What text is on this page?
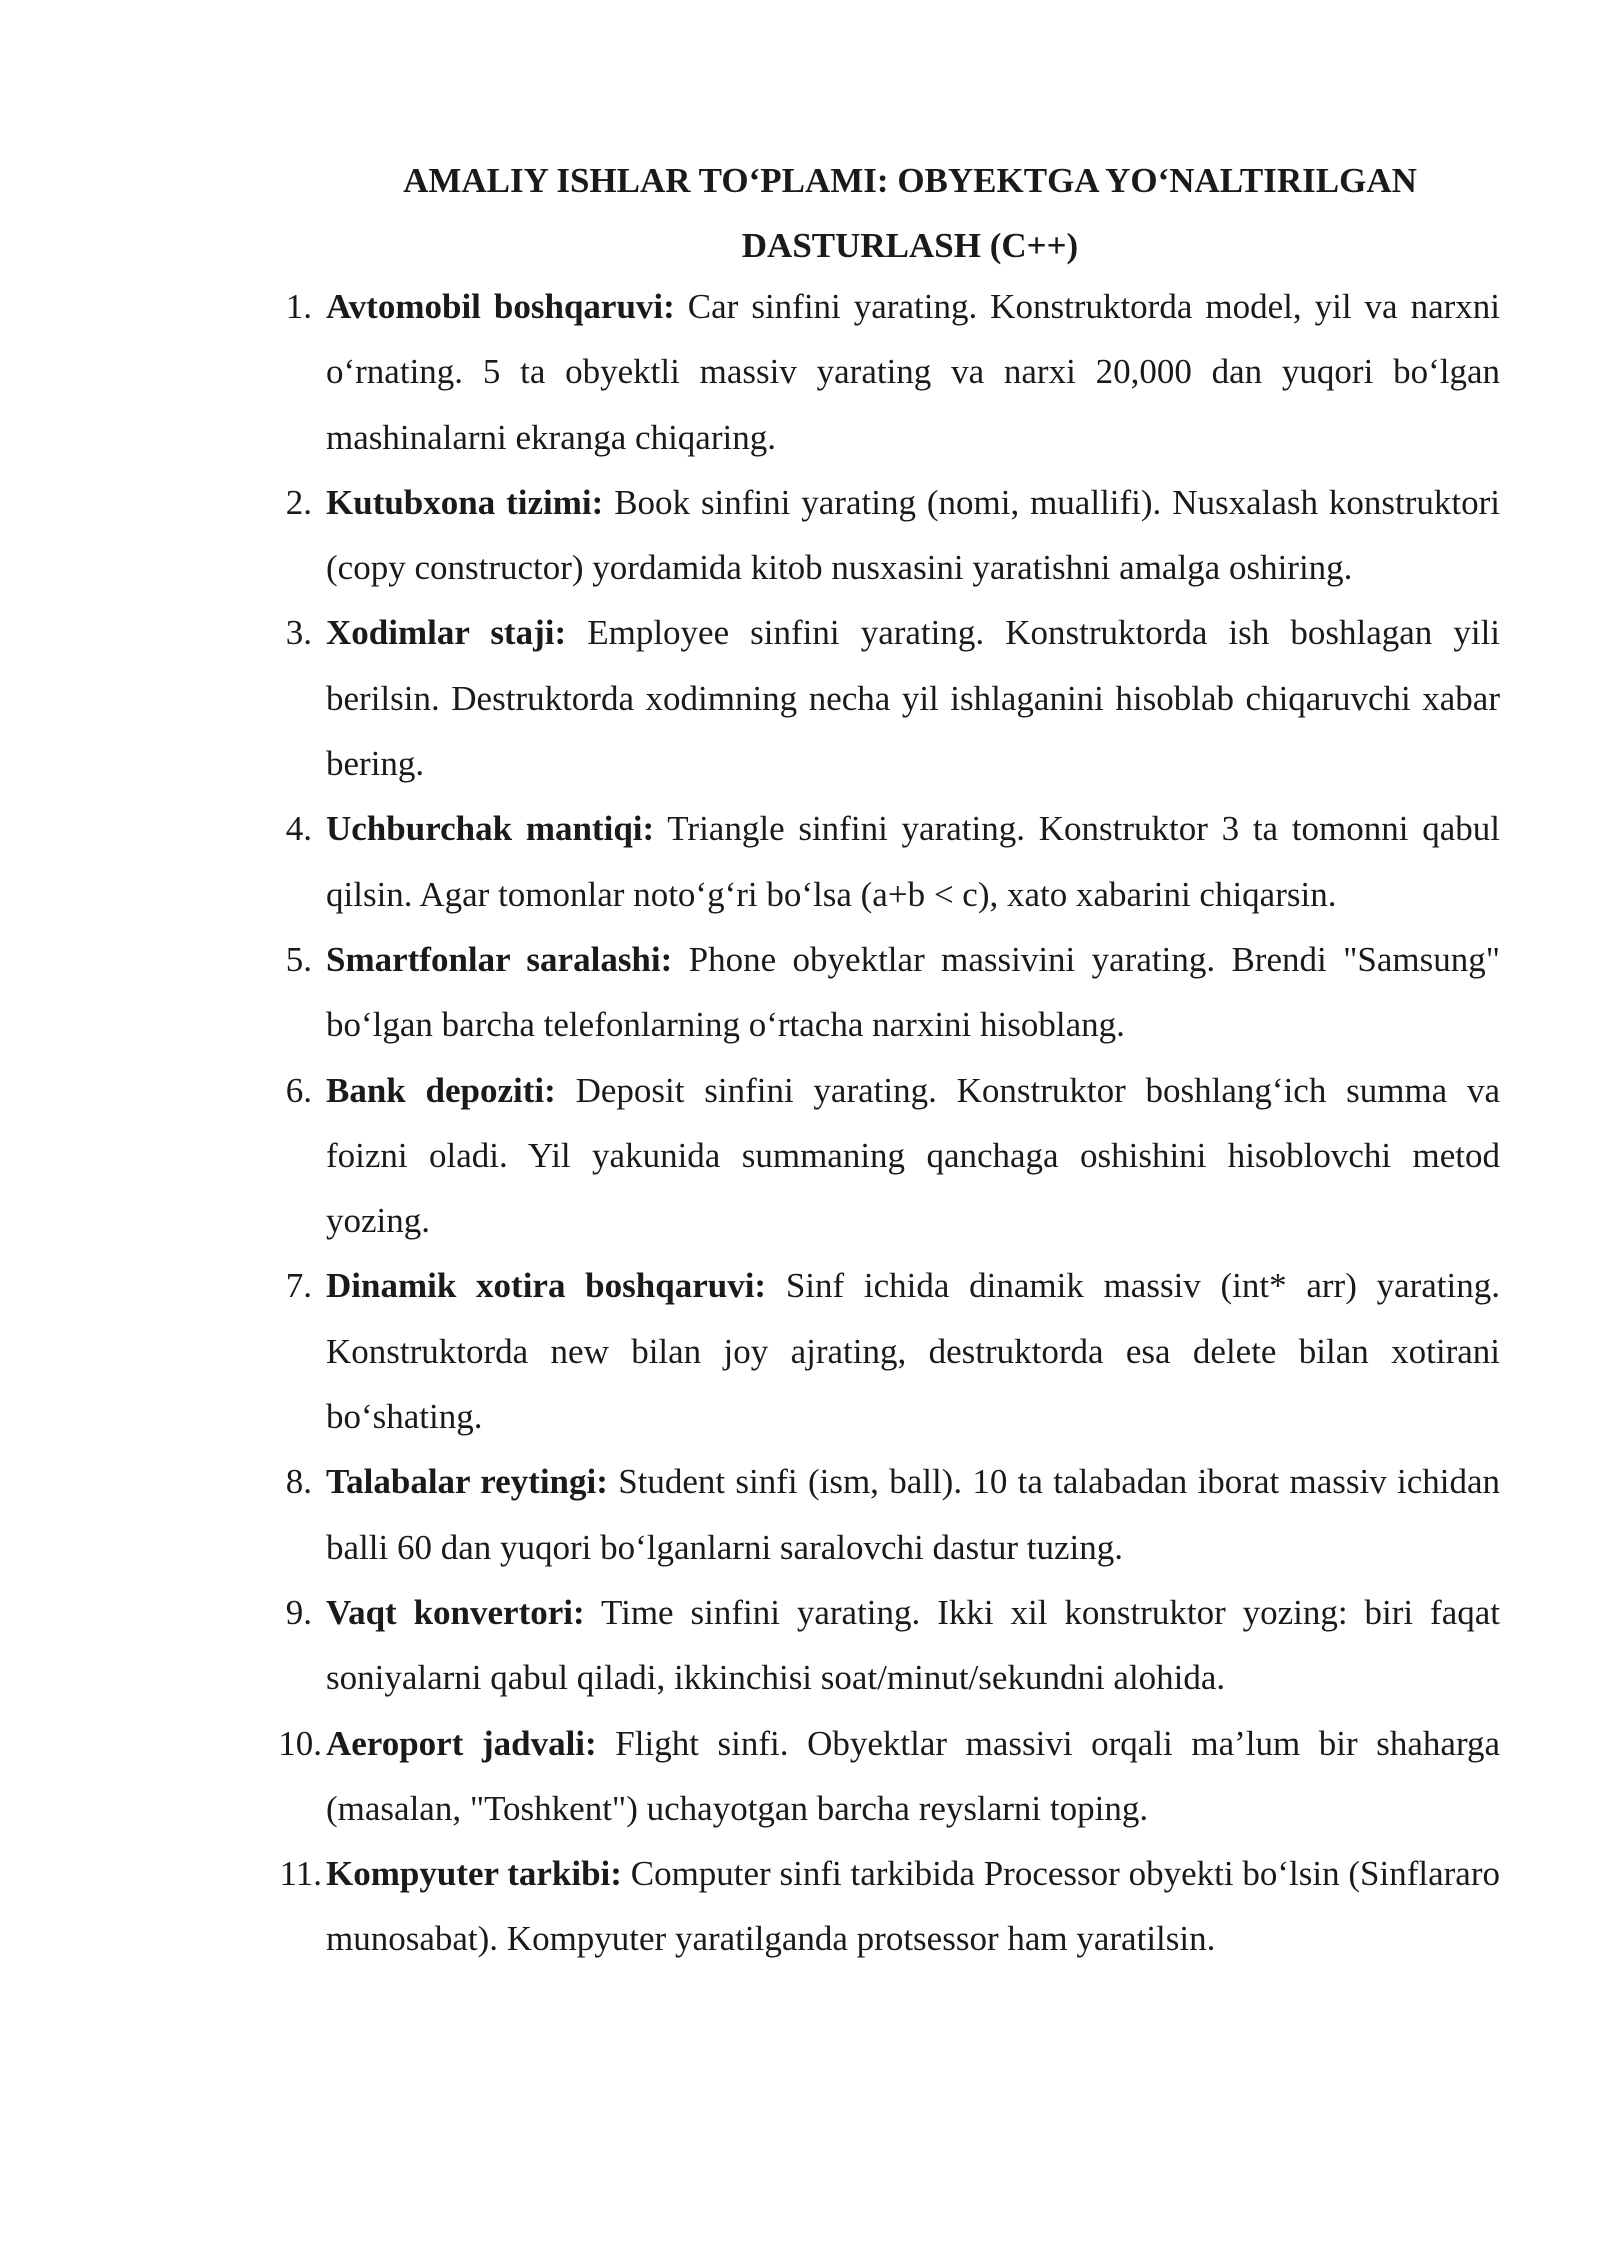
AMALIY ISHLAR TO‘PLAMI: OBYEKTGA YO‘NALTIRILGAN
DASTURLASH (C++)
1. Avtomobil boshqaruvi: Car sinfini yarating. Konstruktorda model, yil va narxni o‘rnating. 5 ta obyektli massiv yarating va narxi 20,000 dan yuqori bo‘lgan mashinalarni ekranga chiqaring.
2. Kutubxona tizimi: Book sinfini yarating (nomi, muallifi). Nusxalash konstruktori (copy constructor) yordamida kitob nusxasini yaratishni amalga oshiring.
3. Xodimlar staji: Employee sinfini yarating. Konstruktorda ish boshlagan yili berilsin. Destruktorda xodimning necha yil ishlaganini hisoblab chiqaruvchi xabar bering.
4. Uchburchak mantiqi: Triangle sinfini yarating. Konstruktor 3 ta tomonni qabul qilsin. Agar tomonlar noto‘g‘ri bo‘lsa (a+b < c), xato xabarini chiqarsin.
5. Smartfonlar saralashi: Phone obyektlar massivini yarating. Brendi "Samsung" bo‘lgan barcha telefonlarning o‘rtacha narxini hisoblang.
6. Bank depoziti: Deposit sinfini yarating. Konstruktor boshlang‘ich summa va foizni oladi. Yil yakunida summaning qanchaga oshishini hisoblovchi metod yozing.
7. Dinamik xotira boshqaruvi: Sinf ichida dinamik massiv (int* arr) yarating. Konstruktorda new bilan joy ajrating, destruktorda esa delete bilan xotirani bo‘shating.
8. Talabalar reytingi: Student sinfi (ism, ball). 10 ta talabadan iborat massiv ichidan balli 60 dan yuqori bo‘lganlarni saralovchi dastur tuzing.
9. Vaqt konvertori: Time sinfini yarating. Ikki xil konstruktor yozing: biri faqat soniyalarni qabul qiladi, ikkinchisi soat/minut/sekundni alohida.
10. Aeroport jadvali: Flight sinfi. Obyektlar massivi orqali ma’lum bir shaharga (masalan, "Toshkent") uchayotgan barcha reyslarni toping.
11. Kompyuter tarkibi: Computer sinfi tarkibida Processor obyekti bo‘lsin (Sinflararo munosabat). Kompyuter yaratilganda protsessor ham yaratilsin.
